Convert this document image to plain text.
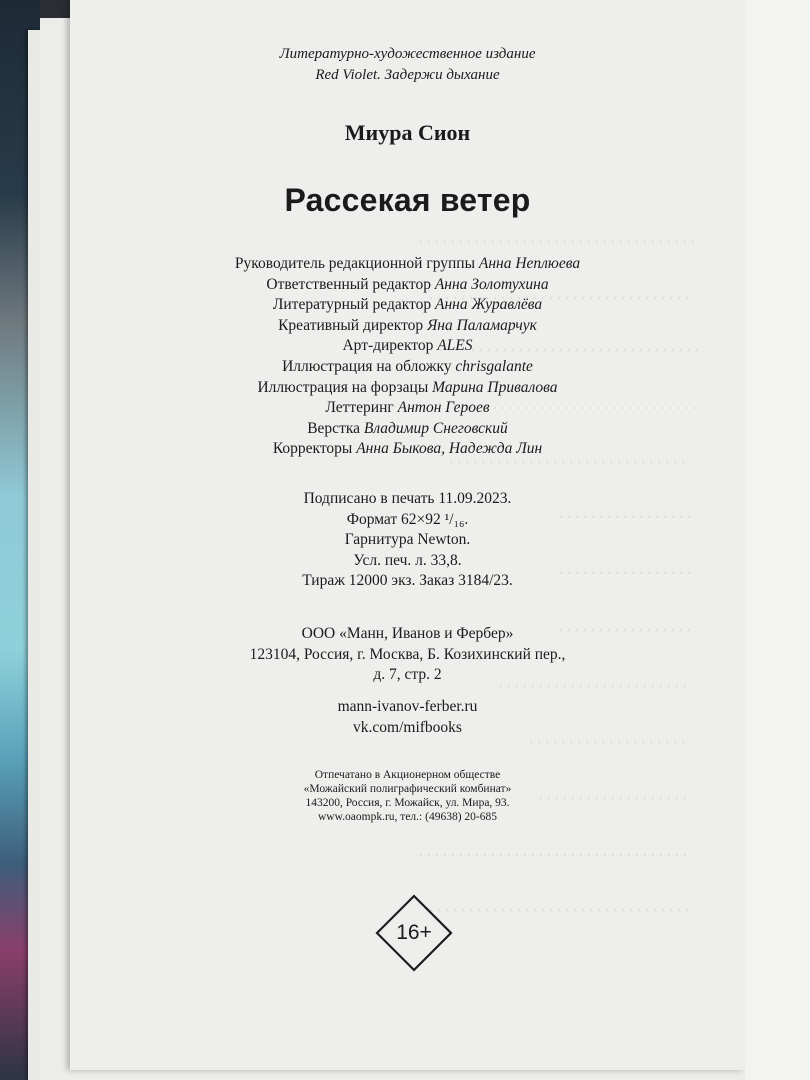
Литературно-художественное издание
Red Violet. Задержи дыхание
Миура Сион
Рассекая ветер
Руководитель редакционной группы Анна Неплюева
Ответственный редактор Анна Золотухина
Литературный редактор Анна Журавлёва
Креативный директор Яна Паламарчук
Арт-директор ALES
Иллюстрация на обложку chrisgalante
Иллюстрация на форзацы Марина Привалова
Леттеринг Антон Героев
Верстка Владимир Снеговский
Корректоры Анна Быкова, Надежда Лин
Подписано в печать 11.09.2023.
Формат 62×92 ¹/₁₆.
Гарнитура Newton.
Усл. печ. л. 33,8.
Тираж 12000 экз. Заказ 3184/23.
ООО «Манн, Иванов и Фербер»
123104, Россия, г. Москва, Б. Козихинский пер.,
д. 7, стр. 2
mann-ivanov-ferber.ru
vk.com/mifbooks
Отпечатано в Акционерном обществе
«Можайский полиграфический комбинат»
143200, Россия, г. Можайск, ул. Мира, 93.
www.oaompk.ru, тел.: (49638) 20-685
16+
